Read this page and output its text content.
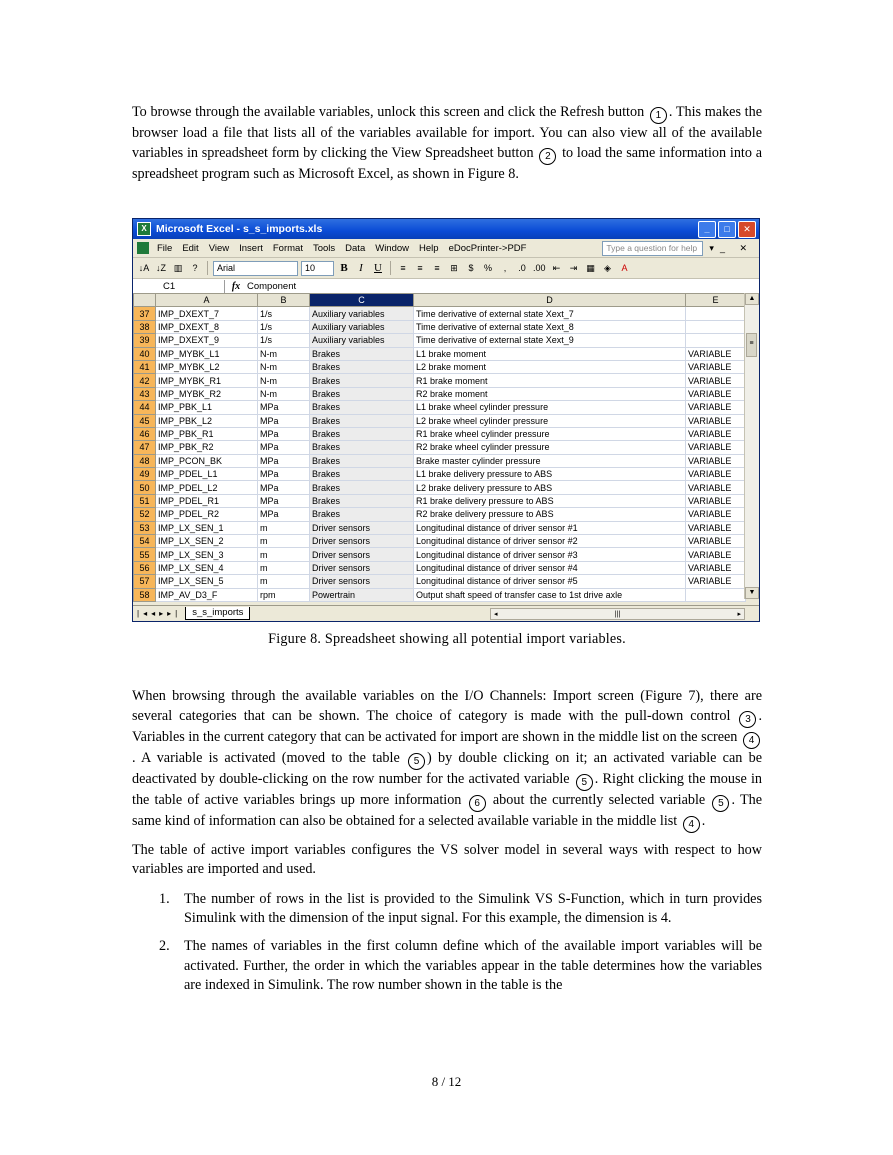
To browse through the available variables, unlock this screen and click the Refresh button 1 . This makes the browser load a file that lists all of the variables available for import. You can also view all of the available variables in spreadsheet form by clicking the View Spreadsheet button 2 to load the same information into a spreadsheet program such as Microsoft Excel, as shown in Figure 8.

X Microsoft Excel - s_s_imports.xls	_	□	✕
File Edit View Insert Format Tools Data Window Help eDocPrinter->PDF	Type a question for help	▾_ ✕
↓A ↓Z ▥	?	Arial	10	B	I	U	≡	≡	≡	⊞	$	%	,	.0 .00 ⇤	⇥ ▦	◈	A
C1	fx Component
	A	B	C	D	E
37	IMP_DXEXT_7	1/s	Auxiliary variables	Time derivative of external state Xext_7	
38	IMP_DXEXT_8	1/s	Auxiliary variables	Time derivative of external state Xext_8	
39	IMP_DXEXT_9	1/s	Auxiliary variables	Time derivative of external state Xext_9	
40	IMP_MYBK_L1	N-m	Brakes	L1 brake moment	VARIABLE
41	IMP_MYBK_L2	N-m	Brakes	L2 brake moment	VARIABLE
42	IMP_MYBK_R1	N-m	Brakes	R1 brake moment	VARIABLE
43	IMP_MYBK_R2	N-m	Brakes	R2 brake moment	VARIABLE
44	IMP_PBK_L1	MPa	Brakes	L1 brake wheel cylinder pressure	VARIABLE
45	IMP_PBK_L2	MPa	Brakes	L2 brake wheel cylinder pressure	VARIABLE
46	IMP_PBK_R1	MPa	Brakes	R1 brake wheel cylinder pressure	VARIABLE
47	IMP_PBK_R2	MPa	Brakes	R2 brake wheel cylinder pressure	VARIABLE
48	IMP_PCON_BK	MPa	Brakes	Brake master cylinder pressure	VARIABLE
49	IMP_PDEL_L1	MPa	Brakes	L1 brake delivery pressure to ABS	VARIABLE
50	IMP_PDEL_L2	MPa	Brakes	L2 brake delivery pressure to ABS	VARIABLE
51	IMP_PDEL_R1	MPa	Brakes	R1 brake delivery pressure to ABS	VARIABLE
52	IMP_PDEL_R2	MPa	Brakes	R2 brake delivery pressure to ABS	VARIABLE
53	IMP_LX_SEN_1	m	Driver sensors	Longitudinal distance of driver sensor #1	VARIABLE
54	IMP_LX_SEN_2	m	Driver sensors	Longitudinal distance of driver sensor #2	VARIABLE
55	IMP_LX_SEN_3	m	Driver sensors	Longitudinal distance of driver sensor #3	VARIABLE
56	IMP_LX_SEN_4	m	Driver sensors	Longitudinal distance of driver sensor #4	VARIABLE
57	IMP_LX_SEN_5	m	Driver sensors	Longitudinal distance of driver sensor #5	VARIABLE
58	IMP_AV_D3_F	rpm	Powertrain	Output shaft speed of transfer case to 1st drive axle	
▲
≡
▼
|◂◂▸▸|	s_s_imports	◂	|||	▸
Figure 8. Spreadsheet showing all potential import variables.

When browsing through the available variables on the I/O Channels: Import screen (Figure 7), there are several categories that can be shown. The choice of category is made with the pull-down control 3 . Variables in the current category that can be activated for import are shown in the middle list on the screen 4. A variable is activated (moved to the table 5 ) by double clicking on it; an activated variable can be deactivated by double-clicking on the row number for the activated variable 5 . Right clicking the mouse in the table of active variables brings up more information 6 about the currently selected variable 5 . The same kind of information can also be obtained for a selected available variable in the middle list 4 .

The table of active import variables configures the VS solver model in several ways with respect to how variables are imported and used.

1. The number of rows in the list is provided to the Simulink VS S-Function, which in turn provides Simulink with the dimension of the input signal. For this example, the dimension is 4.
2. The names of variables in the first column define which of the available import variables will be activated. Further, the order in which the variables appear in the table determines how the variables are indexed in Simulink. The row number shown in the table is the
8 / 12
